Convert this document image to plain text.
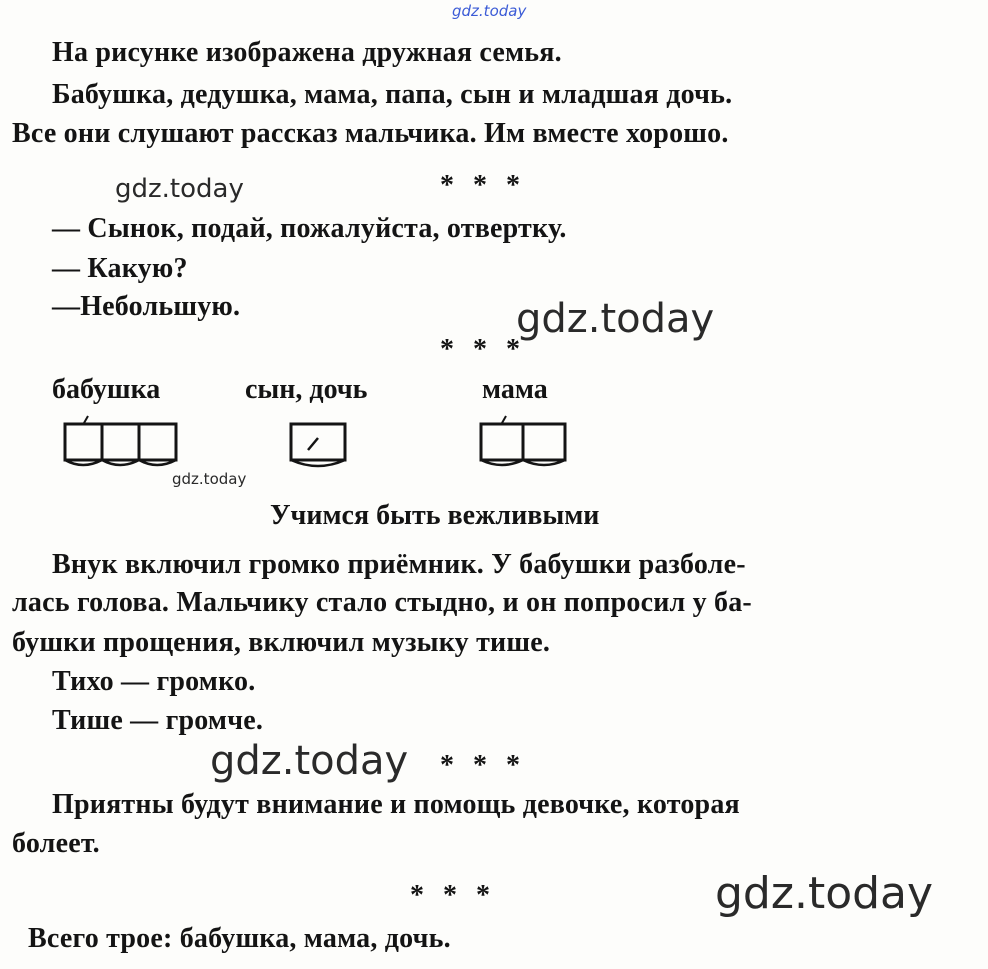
gdz.today
На рисунке изображена дружная семья.
Бабушка, дедушка, мама, папа, сын и младшая дочь.
Все они слушают рассказ мальчика. Им вместе хорошо.
gdz.today	* * *
— Сынок, подай, пожалуйста, отвертку.
— Какую?
—Небольшую.	gdz.today
* * *
бабушка	сын, дочь	мама
gdz.today
Учимся быть вежливыми
Внук включил громко приёмник. У бабушки разболе-
лась голова. Мальчику стало стыдно, и он попросил у ба-
бушки прощения, включил музыку тише.
Тихо — громко.
Тише — громче.
gdz.today * * *
Приятны будут внимание и помощь девочке, которая
болеет.
* * *	gdz.today
Всего трое: бабушка, мама, дочь.
